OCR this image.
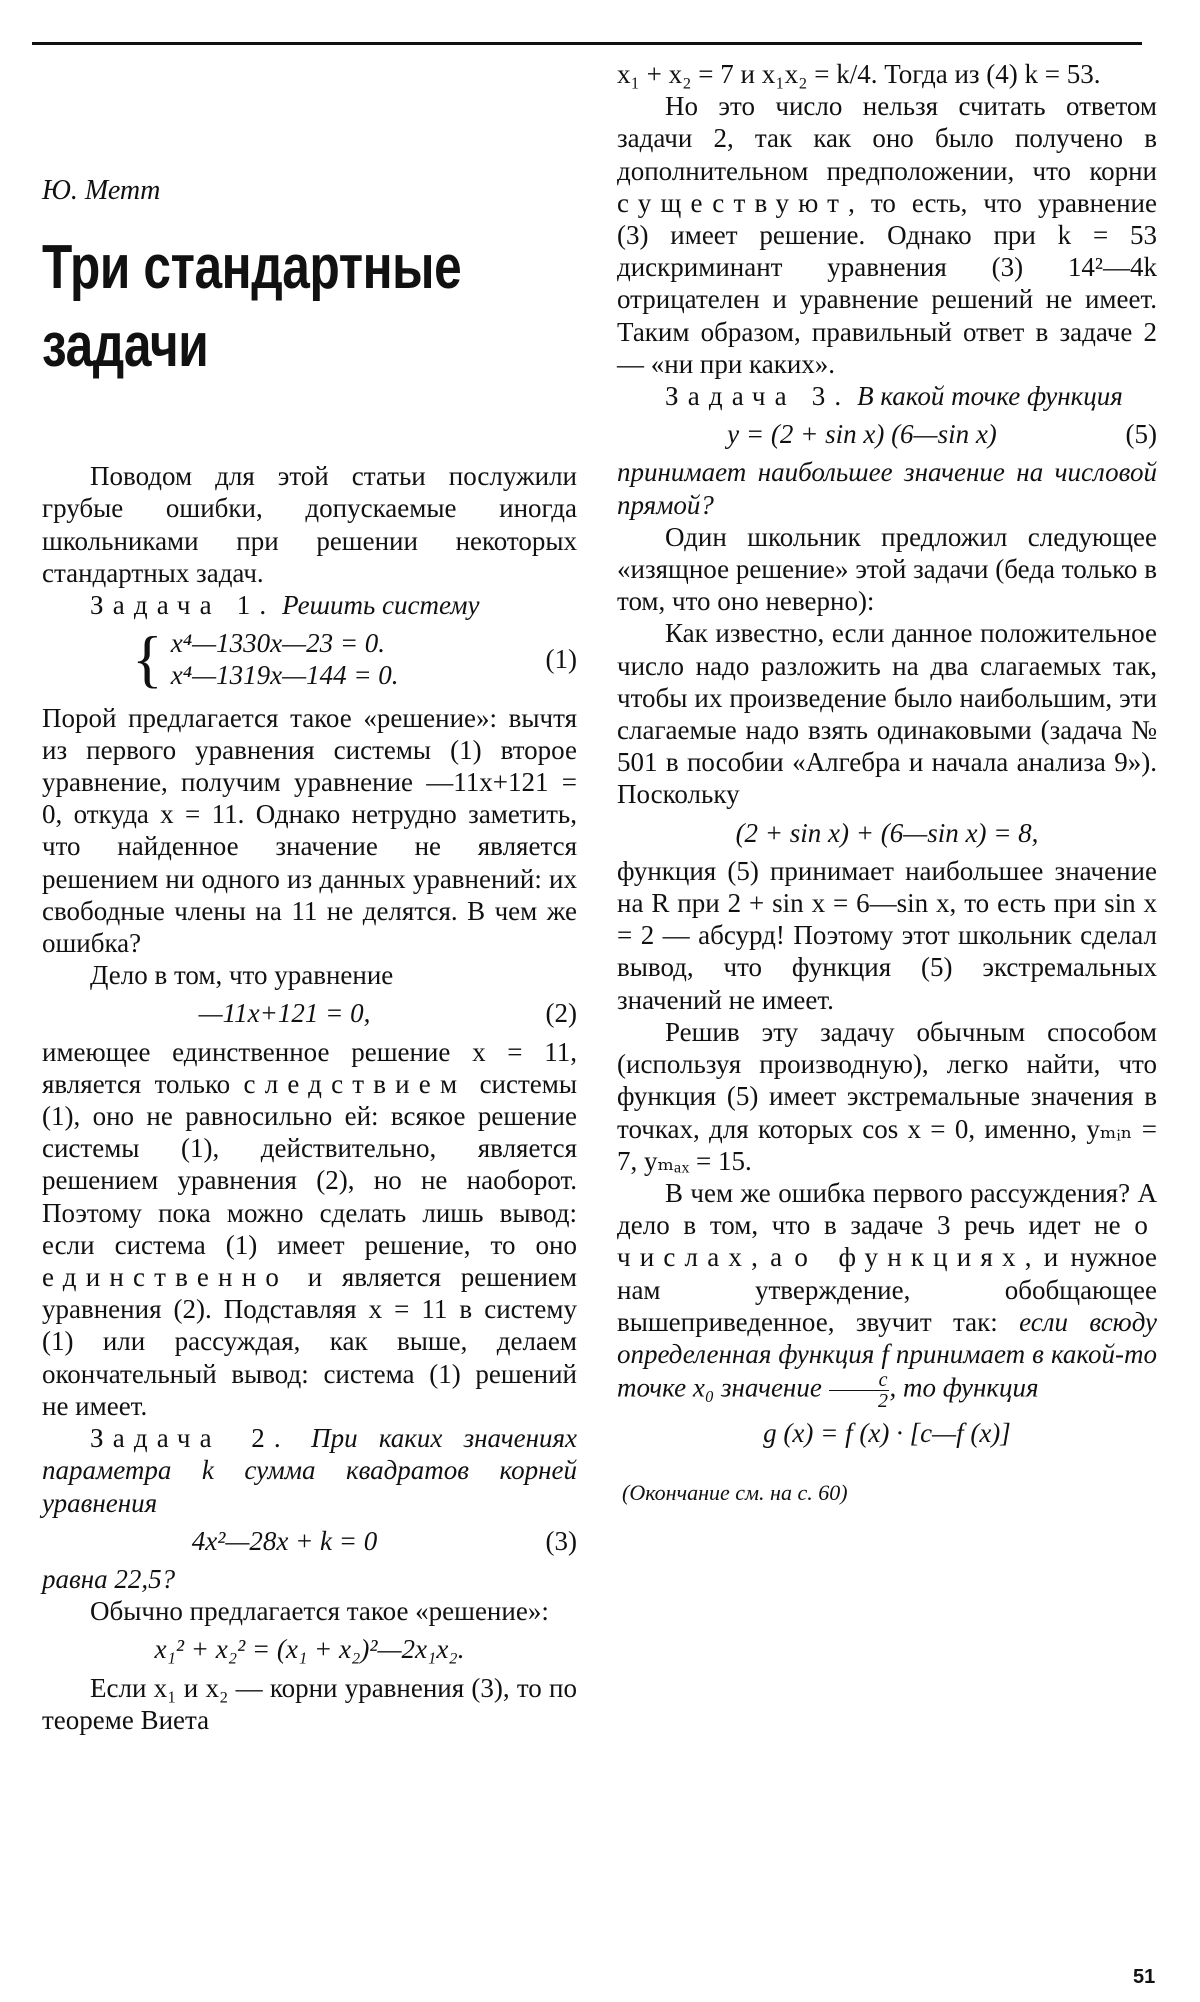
Ю. Метт
Три стандартные
задачи

Поводом для этой статьи послужили грубые ошибки, допускаемые иногда школьниками при решении некоторых стандартных задач.

Задача 1. Решить систему

{ x⁴—1330x—23 = 0.
x⁴—1319x—144 = 0.
(1)

Порой предлагается такое «решение»: вычтя из первого уравнения системы (1) второе уравнение, получим уравнение —11x+121 = 0, откуда x = 11. Однако нетрудно заметить, что найденное значение не является решением ни одного из данных уравнений: их свободные члены на 11 не делятся. В чем же ошибка?

Дело в том, что уравнение

—11x+121 = 0,	(2)

имеющее единственное решение x = 11, является только следствием системы (1), оно не равносильно ей: всякое решение системы (1), действительно, является решением уравнения (2), но не наоборот. Поэтому пока можно сделать лишь вывод: если система (1) имеет решение, то оно единственно и является решением уравнения (2). Подставляя x = 11 в систему (1) или рассуждая, как выше, делаем окончательный вывод: система (1) решений не имеет.

Задача 2. При каких значениях параметра k сумма квадратов корней уравнения

4x²—28x + k = 0	(3)

равна 22,5?

Обычно предлагается такое «решение»:

x₁² + x₂² = (x₁ + x₂)²—2x₁x₂.

Если x₁ и x₂ — корни уравнения (3), то по теореме Виета

x₁ + x₂ = 7 и x₁x₂ = k/4. Тогда из (4) k = 53.

Но это число нельзя считать ответом задачи 2, так как оно было получено в дополнительном предположении, что корни существуют, то есть, что уравнение (3) имеет решение. Однако при k = 53 дискриминант уравнения (3) 14²—4k отрицателен и уравнение решений не имеет. Таким образом, правильный ответ в задаче 2 — «ни при каких».

Задача 3. В какой точке функция

y = (2 + sin x) (6—sin x)	(5)

принимает наибольшее значение на числовой прямой?

Один школьник предложил следующее «изящное решение» этой задачи (беда только в том, что оно неверно):

Как известно, если данное положительное число надо разложить на два слагаемых так, чтобы их произведение было наибольшим, эти слагаемые надо взять одинаковыми (задача № 501 в пособии «Алгебра и начала анализа 9»). Поскольку

(2 + sin x) + (6—sin x) = 8,

функция (5) принимает наибольшее значение на R при 2 + sin x = 6—sin x, то есть при sin x = 2 — абсурд! Поэтому этот школьник сделал вывод, что функция (5) экстремальных значений не имеет.

Решив эту задачу обычным способом (используя производную), легко найти, что функция (5) имеет экстремальные значения в точках, для которых cos x = 0, именно, yₘᵢₙ = 7, yₘₐₓ = 15.

В чем же ошибка первого рассуждения? А дело в том, что в задаче 3 речь идет не о числах, а о функциях, и нужное нам утверждение, обобщающее вышеприведенное, звучит так: если всюду определенная функция f принимает в какой-то точке x₀ значение $\frac{c}{2}$ , то функция

g (x) = f (x) · [c—f (x)]
(Окончание см. на с. 60)
51
